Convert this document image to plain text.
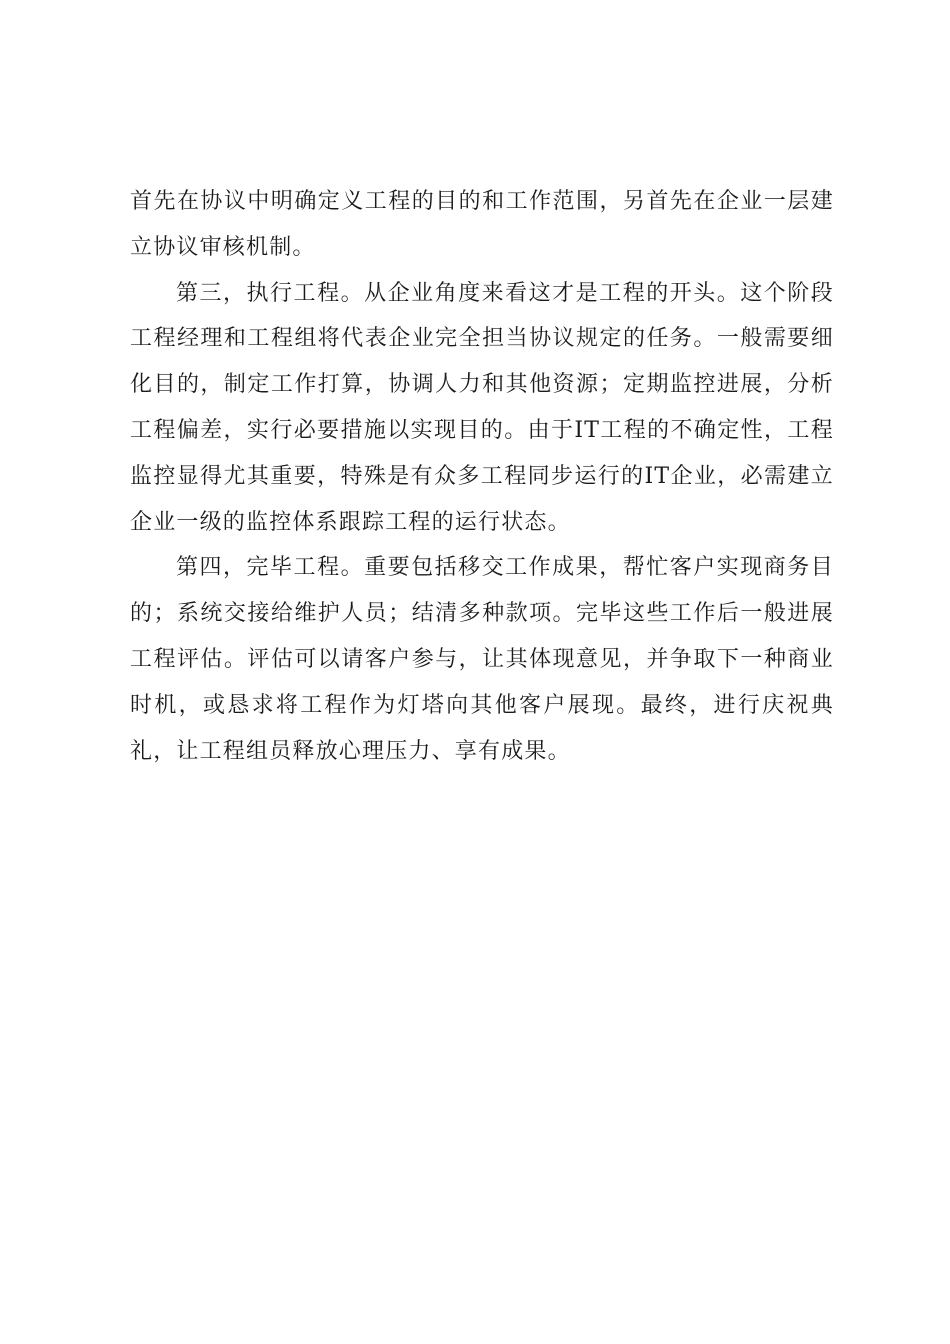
首先在协议中明确定义工程的目的和工作范围，另首先在企业一层建立协议审核机制。

第三，执行工程。从企业角度来看这才是工程的开头。这个阶段工程经理和工程组将代表企业完全担当协议规定的任务。一般需要细化目的，制定工作打算，协调人力和其他资源；定期监控进展，分析工程偏差，实行必要措施以实现目的。由于IT工程的不确定性，工程监控显得尤其重要，特殊是有众多工程同步运行的IT企业，必需建立企业一级的监控体系跟踪工程的运行状态。

第四，完毕工程。重要包括移交工作成果，帮忙客户实现商务目的；系统交接给维护人员；结清多种款项。完毕这些工作后一般进展工程评估。评估可以请客户参与，让其体现意见，并争取下一种商业时机，或恳求将工程作为灯塔向其他客户展现。最终，进行庆祝典礼，让工程组员释放心理压力、享有成果。
